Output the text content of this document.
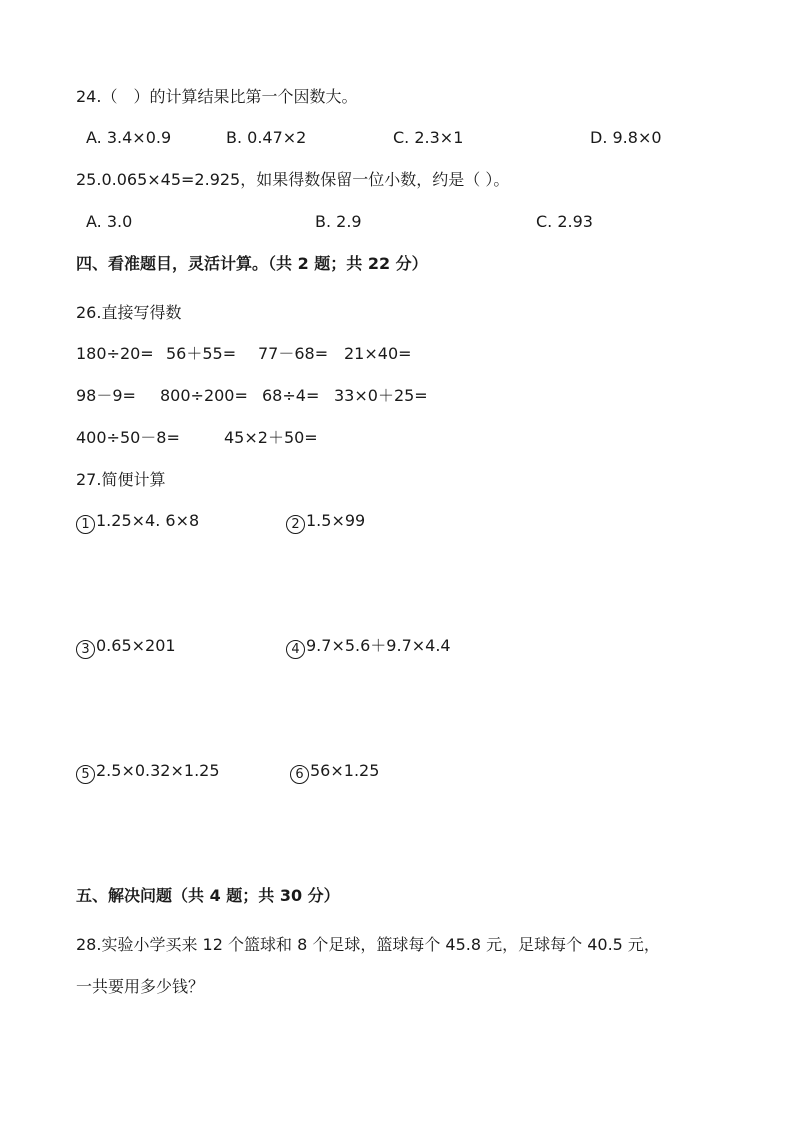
24.（　）的计算结果比第一个因数大。
A. 3.4×0.9	B. 0.47×2	C. 2.3×1	D. 9.8×0
25.0.065×45=2.925，如果得数保留一位小数，约是（ ）。
A. 3.0	B. 2.9	C. 2.93
四、看准题目，灵活计算。（共 2 题；共 22 分）
26.直接写得数
180÷20= 56＋55= 77－68= 21×40=
98－9= 800÷200= 68÷4= 33×0＋25=
400÷50－8=	45×2＋50=
27.简便计算
1 1.25×4. 6×8	2 1.5×99
3 0.65×201	4 9.7×5.6＋9.7×4.4
5 2.5×0.32×1.25	6 56×1.25
五、解决问题（共 4 题；共 30 分）
28.实验小学买来 12 个篮球和 8 个足球，篮球每个 45.8 元，足球每个 40.5 元，
一共要用多少钱？
